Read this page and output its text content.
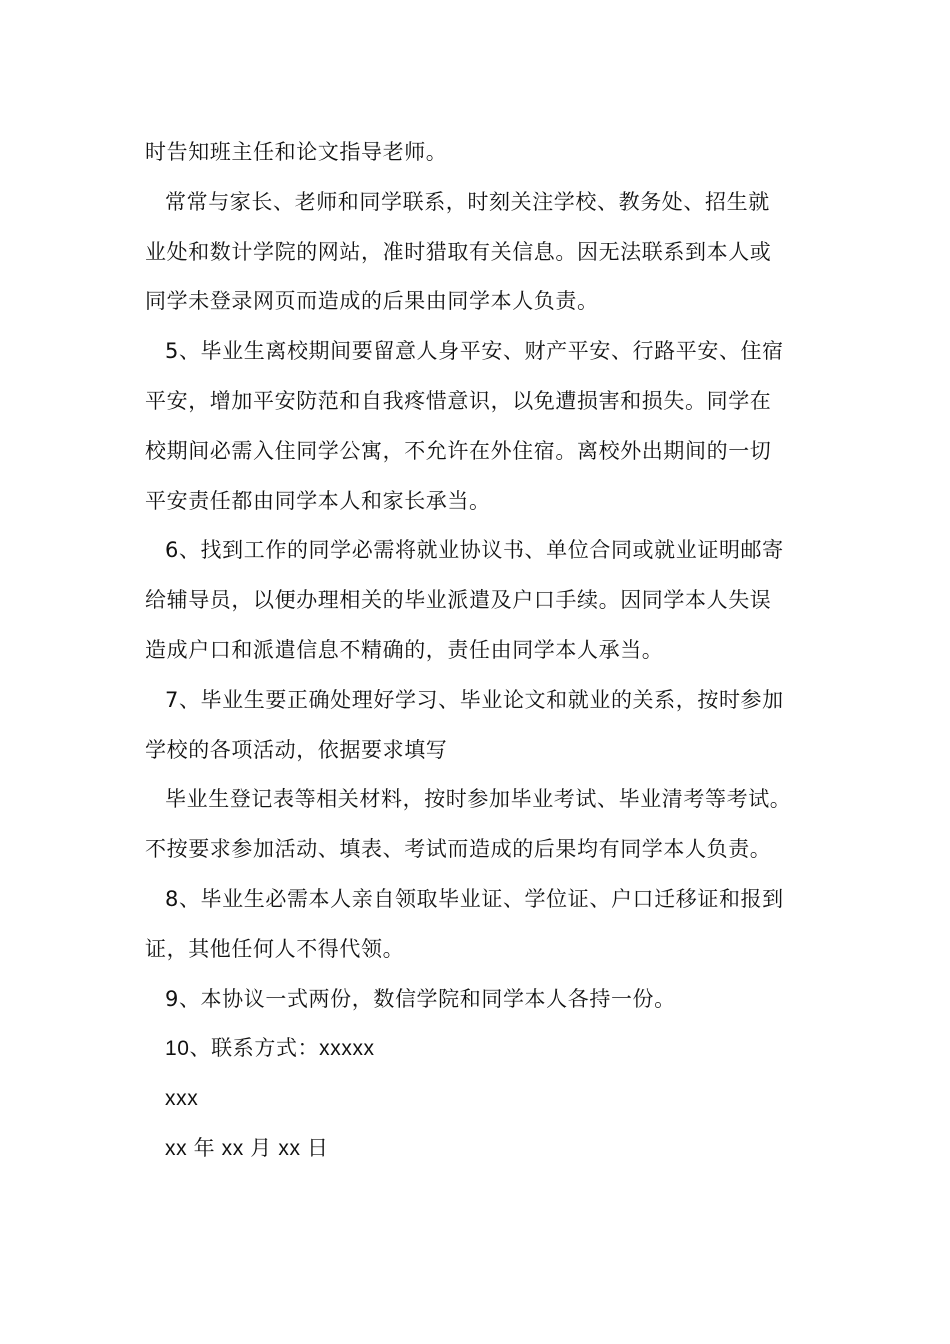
时告知班主任和论文指导老师。
常常与家长、老师和同学联系，时刻关注学校、教务处、招生就
业处和数计学院的网站，准时猎取有关信息。因无法联系到本人或
同学未登录网页而造成的后果由同学本人负责。
5、毕业生离校期间要留意人身平安、财产平安、行路平安、住宿
平安，增加平安防范和自我疼惜意识，以免遭损害和损失。同学在
校期间必需入住同学公寓，不允许在外住宿。离校外出期间的一切
平安责任都由同学本人和家长承当。
6、找到工作的同学必需将就业协议书、单位合同或就业证明邮寄
给辅导员，以便办理相关的毕业派遣及户口手续。因同学本人失误
造成户口和派遣信息不精确的，责任由同学本人承当。
7、毕业生要正确处理好学习、毕业论文和就业的关系，按时参加
学校的各项活动，依据要求填写
毕业生登记表等相关材料，按时参加毕业考试、毕业清考等考试。
不按要求参加活动、填表、考试而造成的后果均有同学本人负责。
8、毕业生必需本人亲自领取毕业证、学位证、户口迁移证和报到
证，其他任何人不得代领。
9、本协议一式两份，数信学院和同学本人各持一份。
10、联系方式：xxxxx
xxx
xx 年 xx 月 xx 日
